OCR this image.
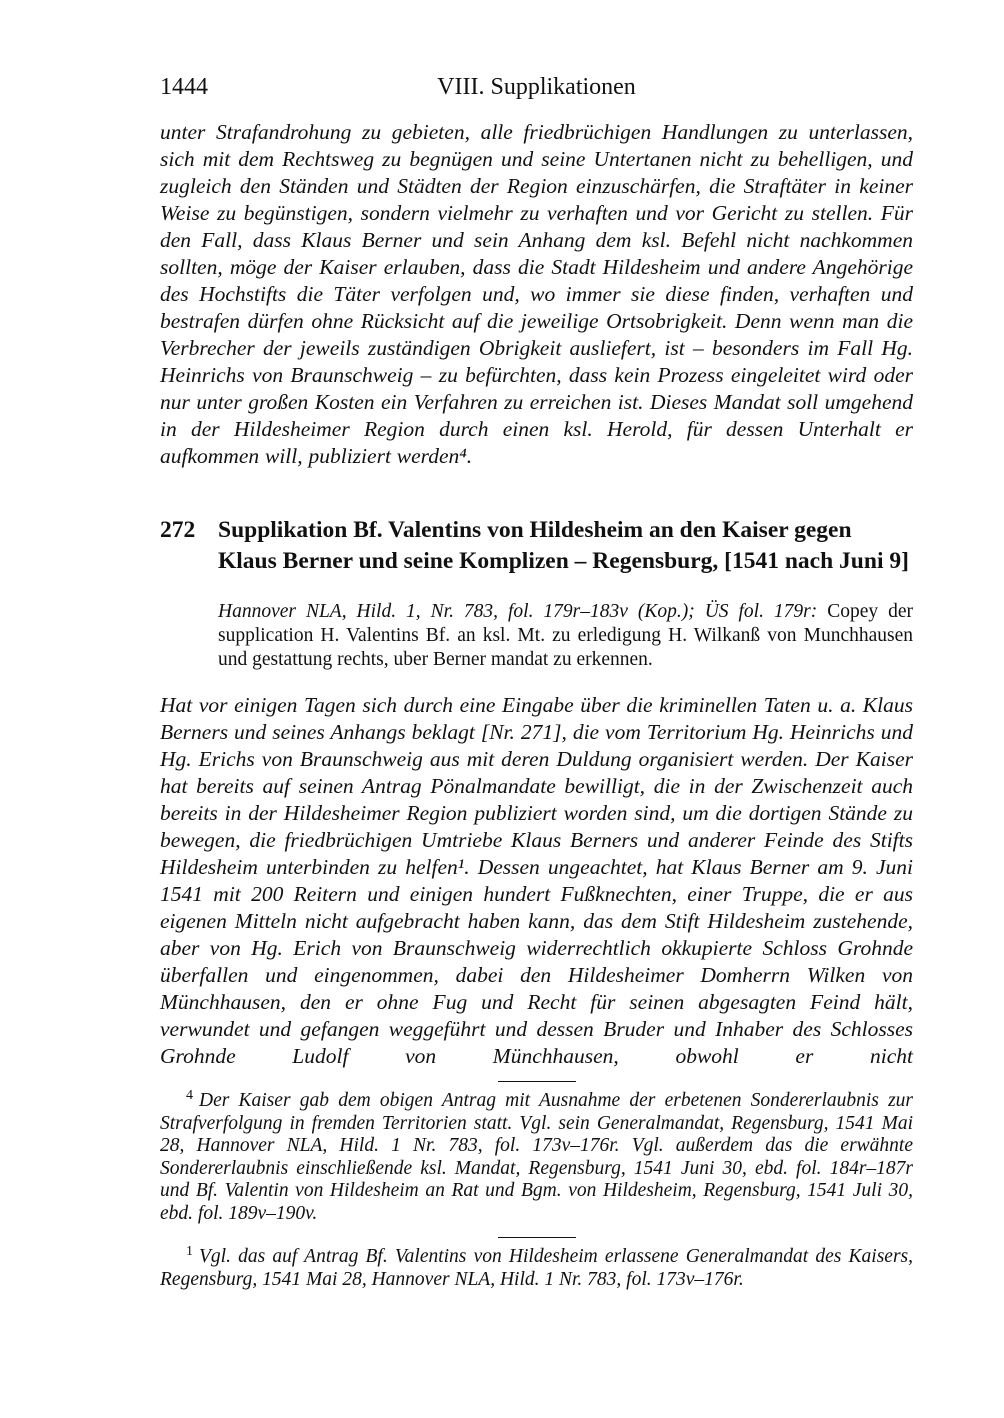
1444	VIII. Supplikationen
unter Strafandrohung zu gebieten, alle friedbrüchigen Handlungen zu unterlassen, sich mit dem Rechtsweg zu begnügen und seine Untertanen nicht zu behelligen, und zugleich den Ständen und Städten der Region einzuschärfen, die Straftäter in keiner Weise zu begünstigen, sondern vielmehr zu verhaften und vor Gericht zu stellen. Für den Fall, dass Klaus Berner und sein Anhang dem ksl. Befehl nicht nachkommen sollten, möge der Kaiser erlauben, dass die Stadt Hildesheim und andere Angehörige des Hochstifts die Täter verfolgen und, wo immer sie diese finden, verhaften und bestrafen dürfen ohne Rücksicht auf die jeweilige Ortsobrigkeit. Denn wenn man die Verbrecher der jeweils zuständigen Obrigkeit ausliefert, ist – besonders im Fall Hg. Heinrichs von Braunschweig – zu befürchten, dass kein Prozess eingeleitet wird oder nur unter großen Kosten ein Verfahren zu erreichen ist. Dieses Mandat soll umgehend in der Hildesheimer Region durch einen ksl. Herold, für dessen Unterhalt er aufkommen will, publiziert werden⁴.
272 Supplikation Bf. Valentins von Hildesheim an den Kaiser gegen Klaus Berner und seine Komplizen – Regensburg, [1541 nach Juni 9]
Hannover NLA, Hild. 1, Nr. 783, fol. 179r–183v (Kop.); ÜS fol. 179r: Copey der supplication H. Valentins Bf. an ksl. Mt. zu erledigung H. Wilkanß von Munchhausen und gestattung rechts, uber Berner mandat zu erkennen.
Hat vor einigen Tagen sich durch eine Eingabe über die kriminellen Taten u. a. Klaus Berners und seines Anhangs beklagt [Nr. 271], die vom Territorium Hg. Heinrichs und Hg. Erichs von Braunschweig aus mit deren Duldung organisiert werden. Der Kaiser hat bereits auf seinen Antrag Pönalmandate bewilligt, die in der Zwischenzeit auch bereits in der Hildesheimer Region publiziert worden sind, um die dortigen Stände zu bewegen, die friedbrüchigen Umtriebe Klaus Berners und anderer Feinde des Stifts Hildesheim unterbinden zu helfen¹. Dessen ungeachtet, hat Klaus Berner am 9. Juni 1541 mit 200 Reitern und einigen hundert Fußknechten, einer Truppe, die er aus eigenen Mitteln nicht aufgebracht haben kann, das dem Stift Hildesheim zustehende, aber von Hg. Erich von Braunschweig widerrechtlich okkupierte Schloss Grohnde überfallen und eingenommen, dabei den Hildesheimer Domherrn Wilken von Münchhausen, den er ohne Fug und Recht für seinen abgesagten Feind hält, verwundet und gefangen weggeführt und dessen Bruder und Inhaber des Schlosses Grohnde Ludolf von Münchhausen, obwohl er nicht
$^4$ Der Kaiser gab dem obigen Antrag mit Ausnahme der erbetenen Sondererlaubnis zur Strafverfolgung in fremden Territorien statt. Vgl. sein Generalmandat, Regensburg, 1541 Mai 28, Hannover NLA, Hild. 1 Nr. 783, fol. 173v–176r. Vgl. außerdem das die erwähnte Sondererlaubnis einschließende ksl. Mandat, Regensburg, 1541 Juni 30, ebd. fol. 184r–187r und Bf. Valentin von Hildesheim an Rat und Bgm. von Hildesheim, Regensburg, 1541 Juli 30, ebd. fol. 189v–190v.
$^1$ Vgl. das auf Antrag Bf. Valentins von Hildesheim erlassene Generalmandat des Kaisers, Regensburg, 1541 Mai 28, Hannover NLA, Hild. 1 Nr. 783, fol. 173v–176r.
